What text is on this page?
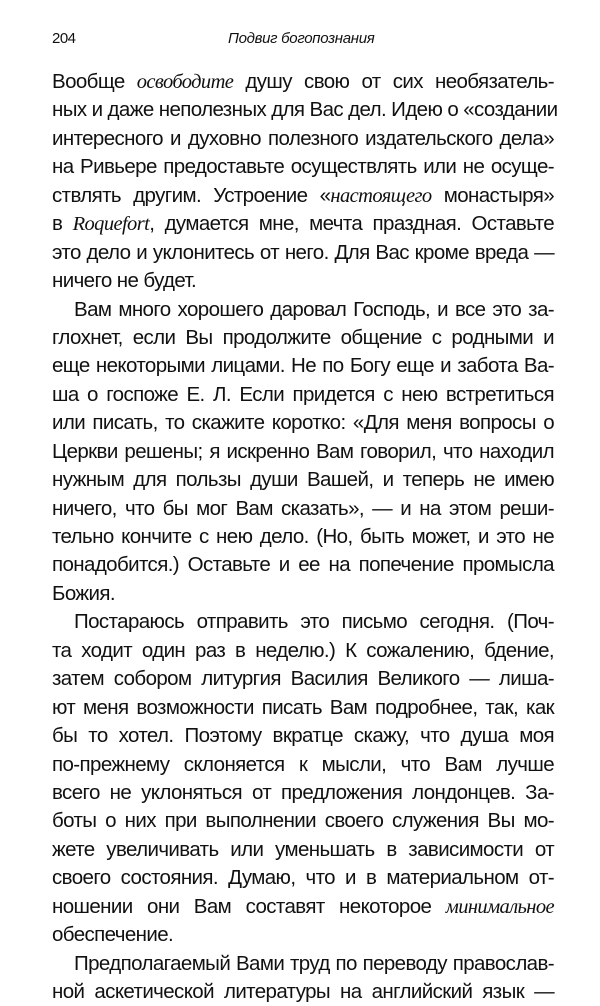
204	Подвиг богопознания
Вообще освободите душу свою от сих необязатель-
ных и даже неполезных для Вас дел. Идею о «создании
интересного и духовно полезного издательского дела»
на Ривьере предоставьте осуществлять или не осуще-
ствлять другим. Устроение «настоящего монастыря»
в Roquefort, думается мне, мечта праздная. Оставьте
это дело и уклонитесь от него. Для Вас кроме вреда —
ничего не будет.
Вам много хорошего даровал Господь, и все это за-
глохнет, если Вы продолжите общение с родными и
еще некоторыми лицами. Не по Богу еще и забота Ва-
ша о госпоже Е. Л. Если придется с нею встретиться
или писать, то скажите коротко: «Для меня вопросы о
Церкви решены; я искренно Вам говорил, что находил
нужным для пользы души Вашей, и теперь не имею
ничего, что бы мог Вам сказать», — и на этом реши-
тельно кончите с нею дело. (Но, быть может, и это не
понадобится.) Оставьте и ее на попечение промысла
Божия.
Постараюсь отправить это письмо сегодня. (Поч-
та ходит один раз в неделю.) К сожалению, бдение,
затем собором литургия Василия Великого — лиша-
ют меня возможности писать Вам подробнее, так, как
бы то хотел. Поэтому вкратце скажу, что душа моя
по-прежнему склоняется к мысли, что Вам лучше
всего не уклоняться от предложения лондонцев. За-
боты о них при выполнении своего служения Вы мо-
жете увеличивать или уменьшать в зависимости от
своего состояния. Думаю, что и в материальном от-
ношении они Вам составят некоторое минимальное
обеспечение.
Предполагаемый Вами труд по переводу православ-
ной аскетической литературы на английский язык —
